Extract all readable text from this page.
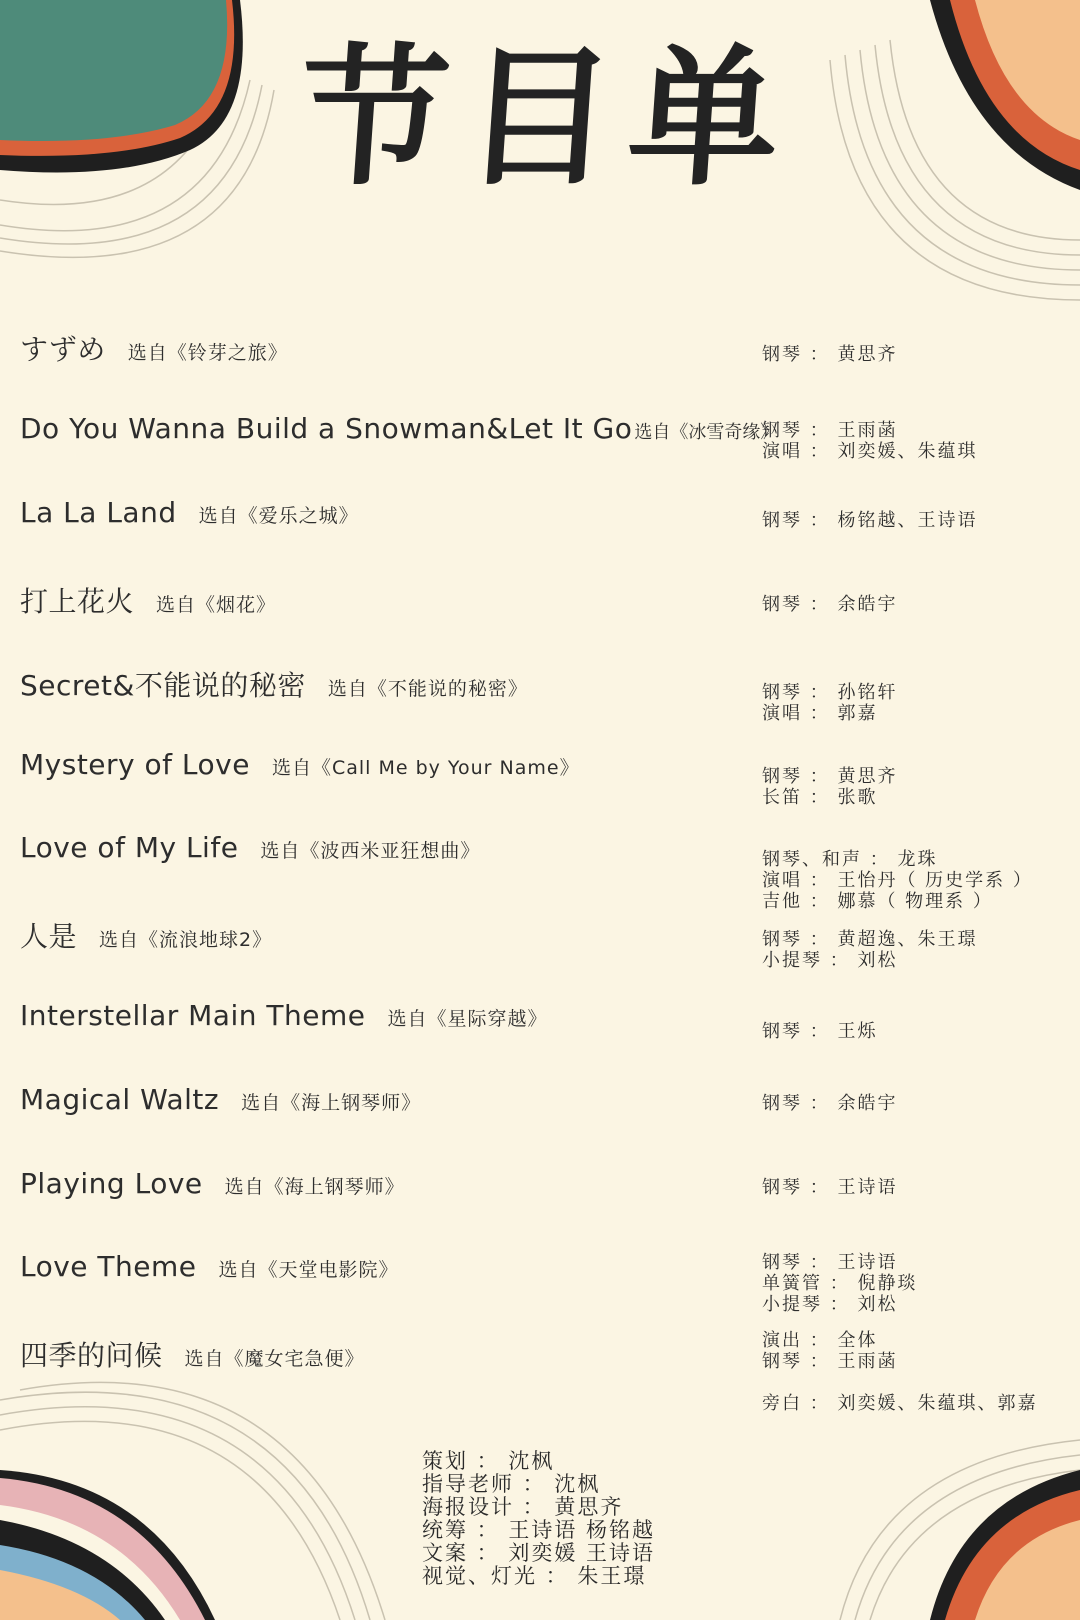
节 目 单
すずめ 选自《铃芽之旅》	钢琴 ： 黄思齐
Do You Wanna Build a Snowman&Let It Go 选自《冰雪奇缘》
钢琴 ： 王雨菡
演唱 ： 刘奕媛、朱蕴琪
La La Land 选自《爱乐之城》	钢琴 ： 杨铭越、王诗语
打上花火 选自《烟花》	钢琴 ： 余皓宇
Secret&不能说的秘密 选自《不能说的秘密》	钢琴 ： 孙铭轩
演唱 ： 郭嘉
Mystery of Love 选自《Call Me by Your Name》	钢琴 ： 黄思齐
长笛 ： 张歌
Love of My Life 选自《波西米亚狂想曲》	钢琴、和声 ： 龙珠
演唱 ： 王怡丹（ 历史学系 ）
吉他 ： 娜慕（ 物理系 ）
人是 选自《流浪地球2》	钢琴 ： 黄超逸、朱王璟
小提琴 ： 刘松
Interstellar Main Theme 选自《星际穿越》
钢琴 ： 王烁
Magical Waltz 选自《海上钢琴师》	钢琴 ： 余皓宇
Playing Love 选自《海上钢琴师》	钢琴 ： 王诗语
Love Theme 选自《天堂电影院》	钢琴 ： 王诗语
单簧管 ： 倪静琰
小提琴 ： 刘松
四季的问候 选自《魔女宅急便》
演出 ： 全体
钢琴 ： 王雨菡
旁白 ： 刘奕媛、朱蕴琪、郭嘉
策划 ： 沈枫
指导老师 ： 沈枫
海报设计 ： 黄思齐
统筹 ： 王诗语 杨铭越
文案 ： 刘奕媛 王诗语
视觉、灯光 ： 朱王璟
